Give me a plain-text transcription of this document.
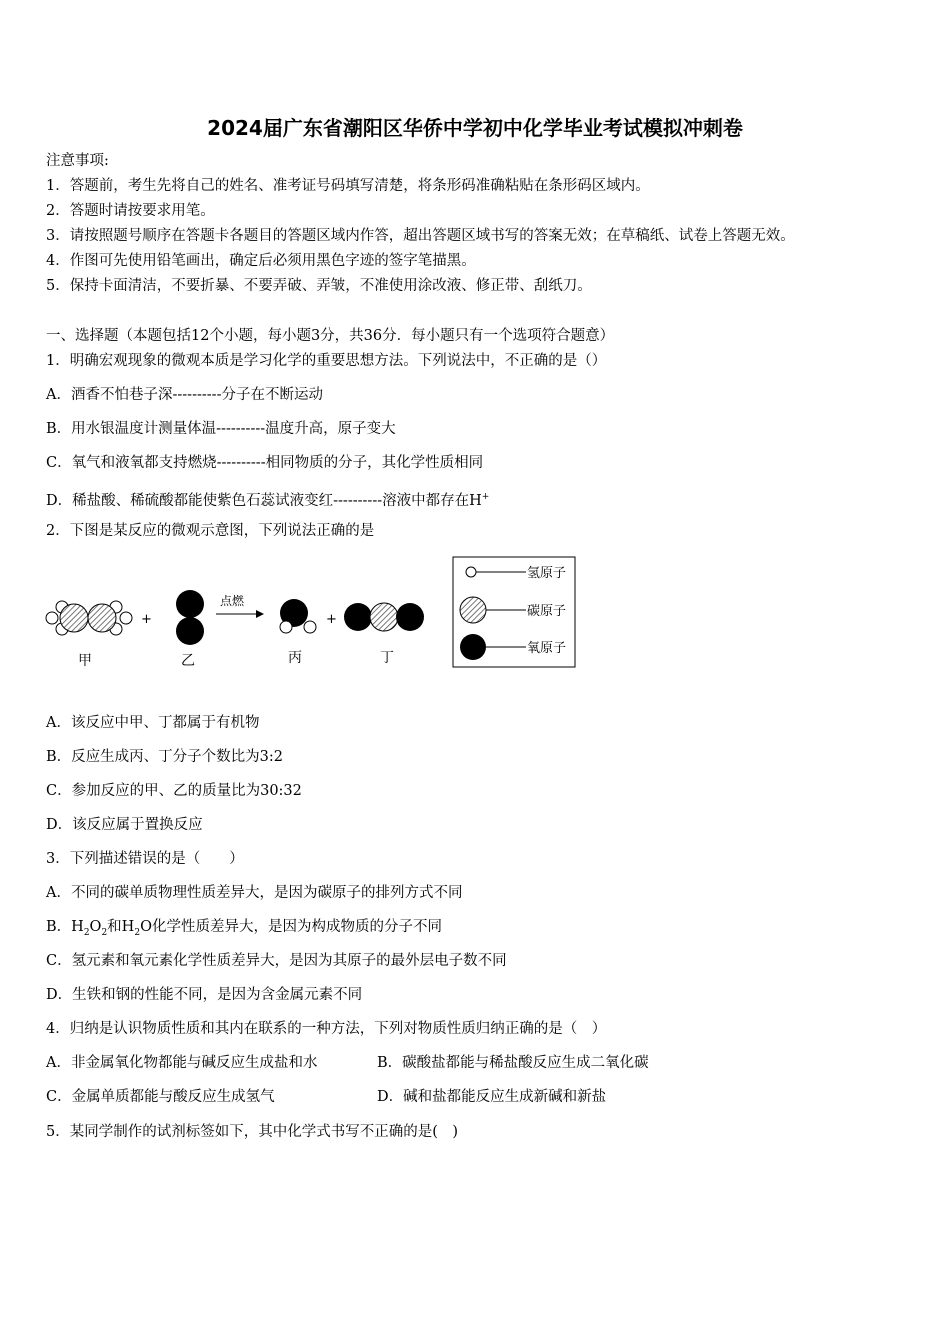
2024届广东省潮阳区华侨中学初中化学毕业考试模拟冲刺卷
注意事项:
1．答题前，考生先将自己的姓名、准考证号码填写清楚，将条形码准确粘贴在条形码区域内。
2．答题时请按要求用笔。
3．请按照题号顺序在答题卡各题目的答题区域内作答，超出答题区域书写的答案无效；在草稿纸、试卷上答题无效。
4．作图可先使用铅笔画出，确定后必须用黑色字迹的签字笔描黑。
5．保持卡面清洁，不要折暴、不要弄破、弄皱，不准使用涂改液、修正带、刮纸刀。
一、选择题（本题包括12个小题，每小题3分，共36分．每小题只有一个选项符合题意）
1．明确宏观现象的微观本质是学习化学的重要思想方法。下列说法中，不正确的是（）
A．酒香不怕巷子深----------分子在不断运动
B．用水银温度计测量体温----------温度升高，原子变大
C．氧气和液氧都支持燃烧----------相同物质的分子，其化学性质相同
D．稀盐酸、稀硫酸都能使紫色石蕊试液变红----------溶液中都存在H+
2．下图是某反应的微观示意图，下列说法正确的是
+
点燃
+
甲	乙	丙	丁
氢原子
碳原子
氧原子
A．该反应中甲、丁都属于有机物
B．反应生成丙、丁分子个数比为3:2
C．参加反应的甲、乙的质量比为30:32
D．该反应属于置换反应
3．下列描述错误的是（　　）
A．不同的碳单质物理性质差异大，是因为碳原子的排列方式不同
B．$H_2O_2$和$H_2O$化学性质差异大，是因为构成物质的分子不同
C．氢元素和氧元素化学性质差异大，是因为其原子的最外层电子数不同
D．生铁和钢的性能不同，是因为含金属元素不同
4．归纳是认识物质性质和其内在联系的一种方法，下列对物质性质归纳正确的是（　）
A．非金属氧化物都能与碱反应生成盐和水	B．碳酸盐都能与稀盐酸反应生成二氧化碳
C．金属单质都能与酸反应生成氢气	D．碱和盐都能反应生成新碱和新盐
5．某同学制作的试剂标签如下，其中化学式书写不正确的是(　)
